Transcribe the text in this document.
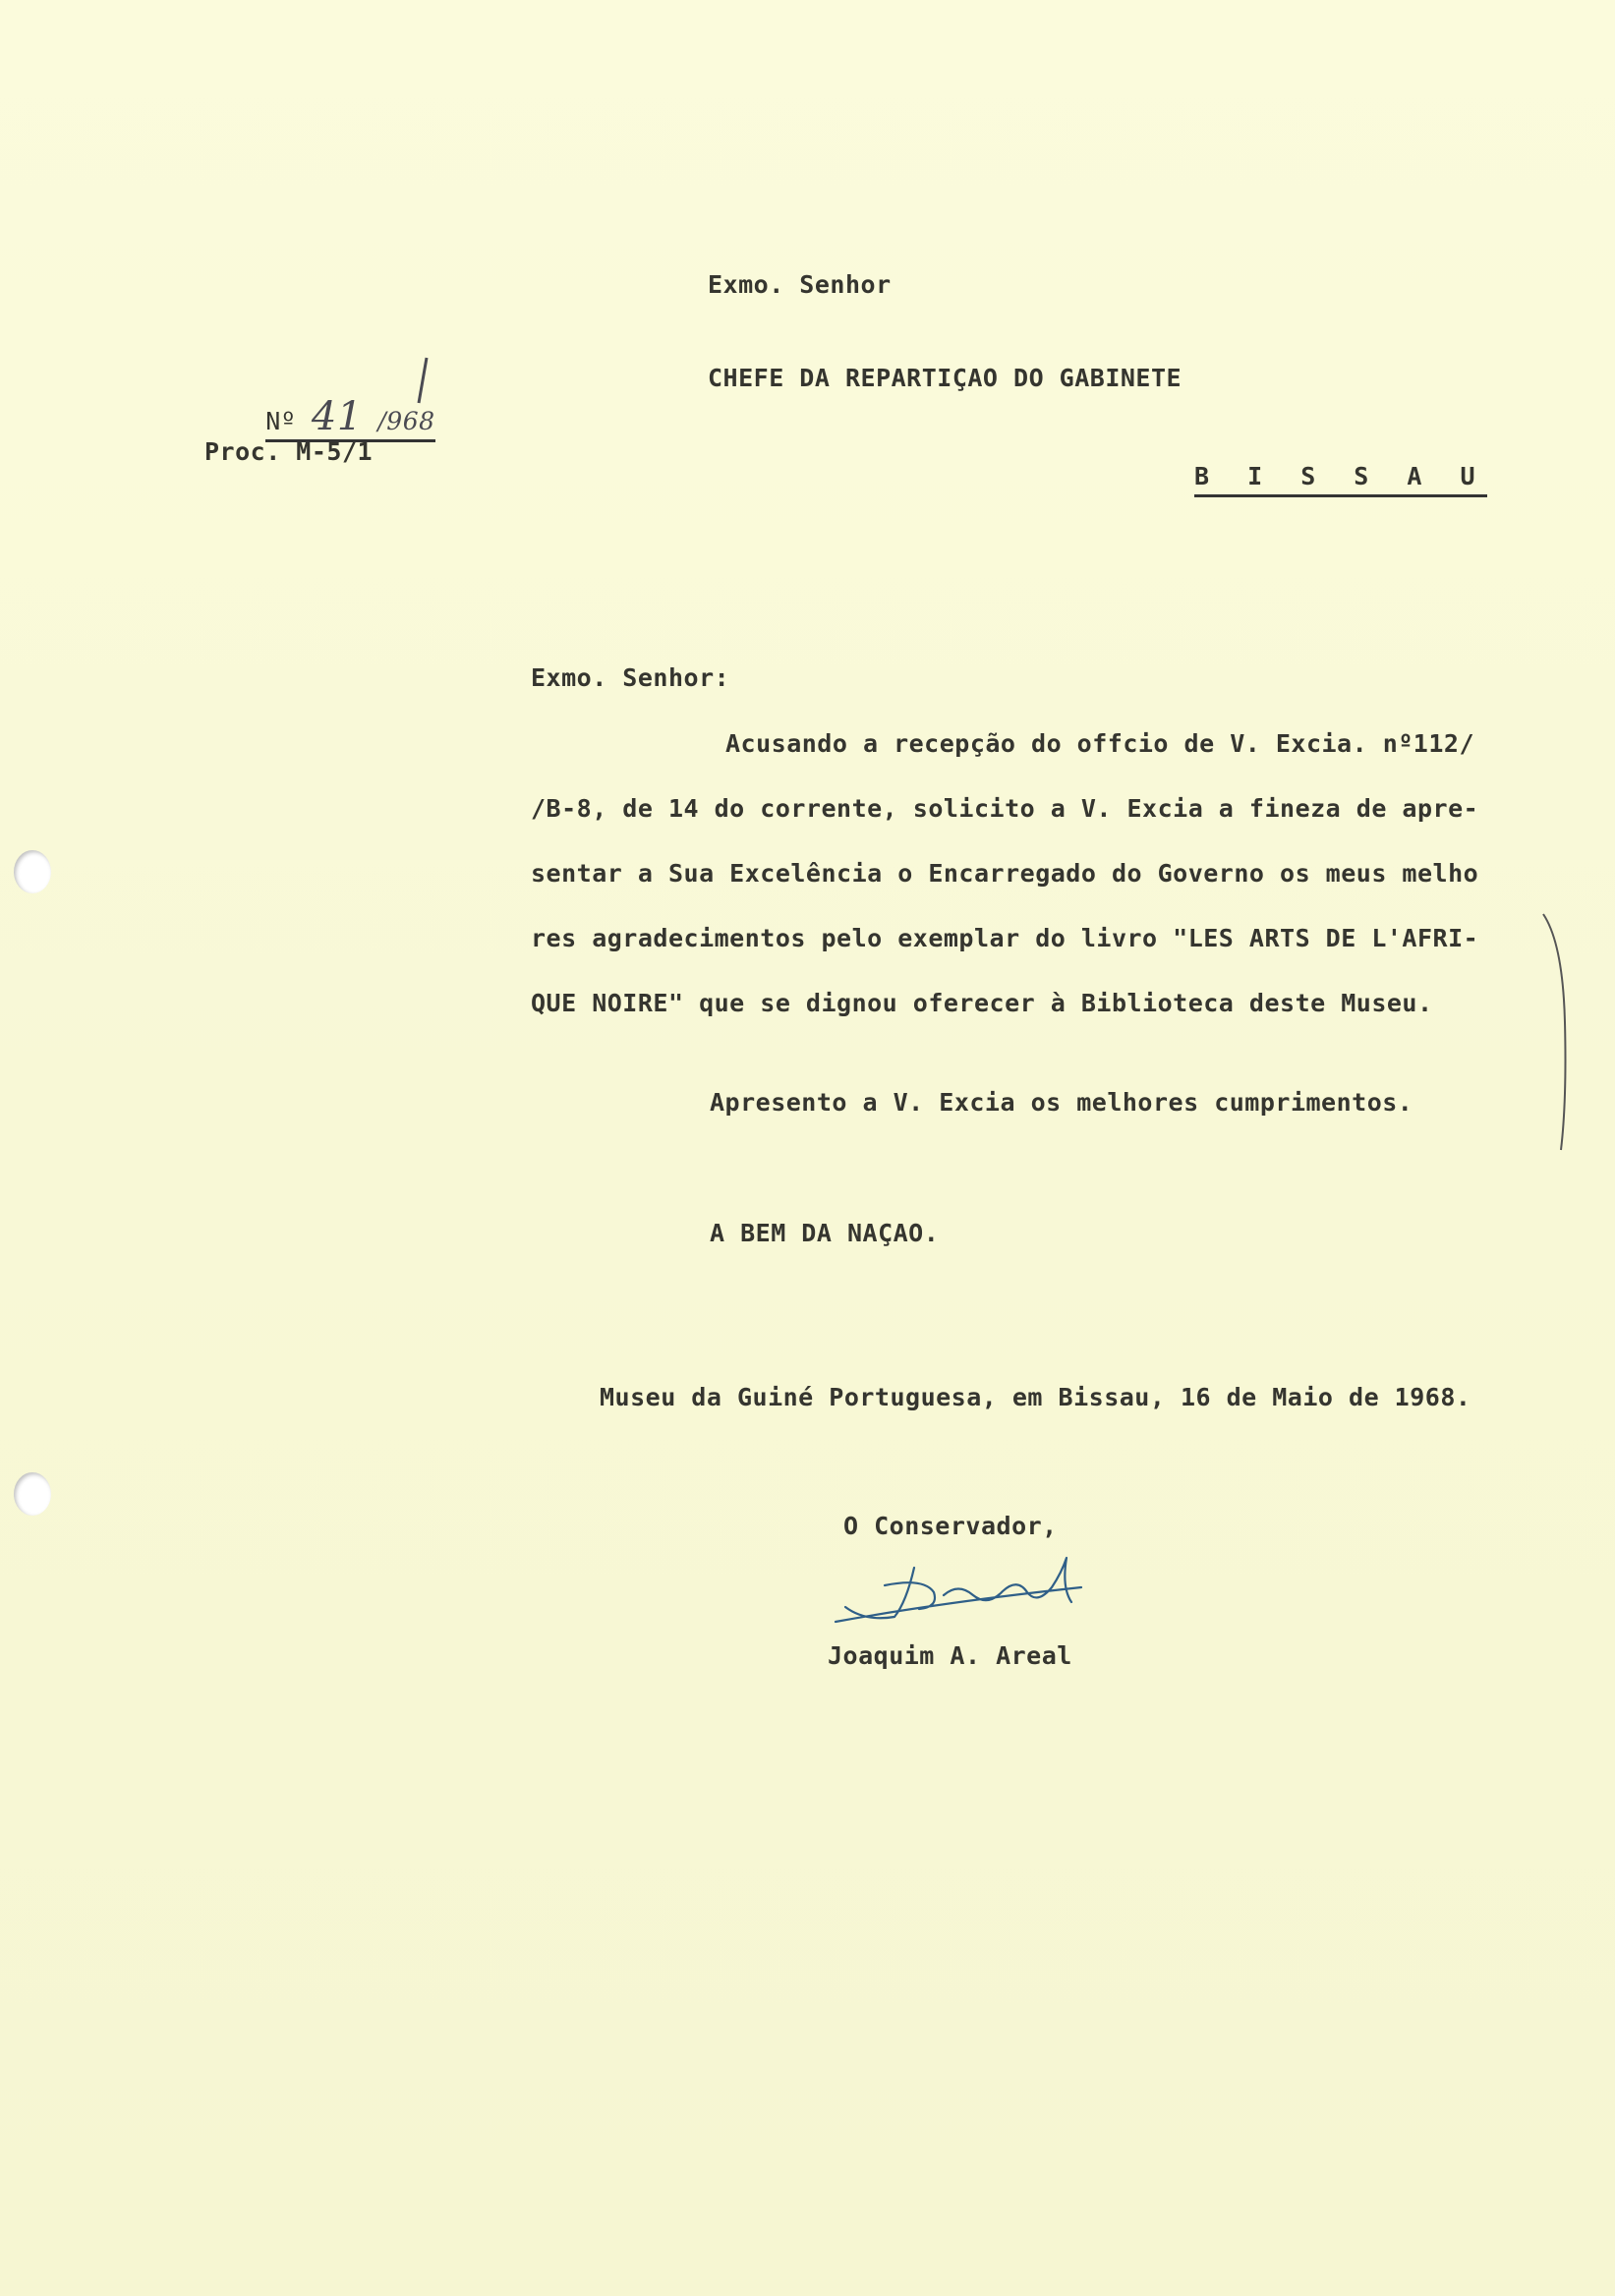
Exmo. Senhor

Nº 41 /968

CHEFE DA REPARTIÇAO DO GABINETE
Proc. M-5/1
B I S S A U
Exmo. Senhor:
Acusando a recepção do offcio de V. Excia. nº112/
/B-8, de 14 do corrente, solicito a V. Excia a fineza de apre-
sentar a Sua Excelência o Encarregado do Governo os meus melho
res agradecimentos pelo exemplar do livro "LES ARTS DE L'AFRI-
QUE NOIRE" que se dignou oferecer à Biblioteca deste Museu.
Apresento a V. Excia os melhores cumprimentos.
A BEM DA NAÇAO.
Museu da Guiné Portuguesa, em Bissau, 16 de Maio de 1968.
O Conservador,
Joaquim A. Areal
